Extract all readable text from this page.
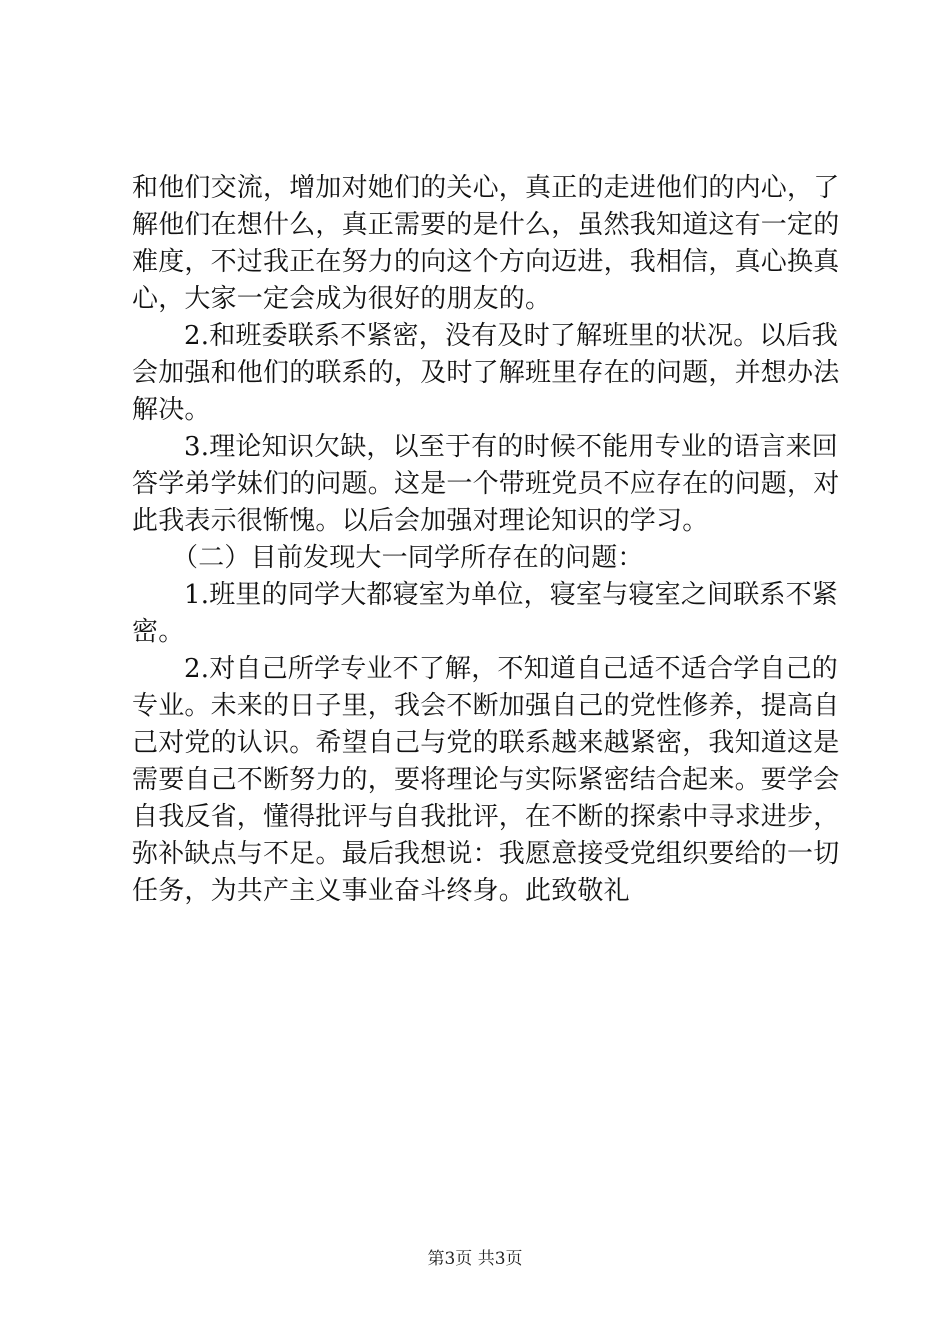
和他们交流，增加对她们的关心，真正的走进他们的内心，了
解他们在想什么，真正需要的是什么，虽然我知道这有一定的
难度，不过我正在努力的向这个方向迈进，我相信，真心换真
心，大家一定会成为很好的朋友的。
2.和班委联系不紧密，没有及时了解班里的状况。以后我
会加强和他们的联系的，及时了解班里存在的问题，并想办法
解决。
3.理论知识欠缺，以至于有的时候不能用专业的语言来回
答学弟学妹们的问题。这是一个带班党员不应存在的问题，对
此我表示很惭愧。以后会加强对理论知识的学习。
（二）目前发现大一同学所存在的问题：
1.班里的同学大都寝室为单位，寝室与寝室之间联系不紧
密。
2.对自己所学专业不了解，不知道自己适不适合学自己的
专业。未来的日子里，我会不断加强自己的党性修养，提高自
己对党的认识。希望自己与党的联系越来越紧密，我知道这是
需要自己不断努力的，要将理论与实际紧密结合起来。要学会
自我反省，懂得批评与自我批评，在不断的探索中寻求进步，
弥补缺点与不足。最后我想说：我愿意接受党组织要给的一切
任务，为共产主义事业奋斗终身。此致敬礼
第3页 共3页
